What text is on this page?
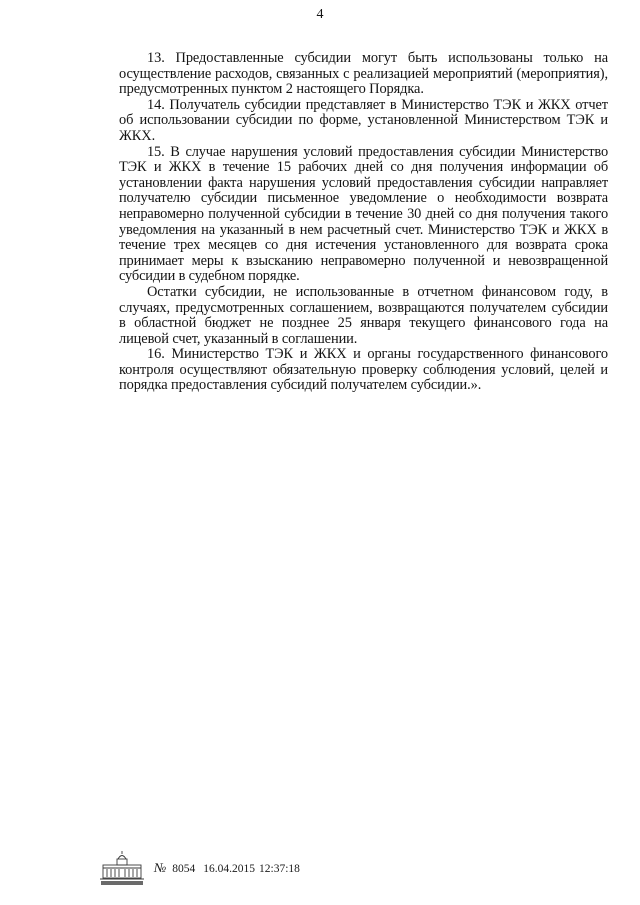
4

13. Предоставленные субсидии могут быть использованы только на осуществление расходов, связанных с реализацией мероприятий (мероприятия), предусмотренных пунктом 2 настоящего Порядка.

14. Получатель субсидии представляет в Министерство ТЭК и ЖКХ отчет об использовании субсидии по форме, установленной Министерством ТЭК и ЖКХ.

15. В случае нарушения условий предоставления субсидии Министерство ТЭК и ЖКХ в течение 15 рабочих дней со дня получения информации об установлении факта нарушения условий предоставления субсидии направляет получателю субсидии письменное уведомление о необходимости возврата неправомерно полученной субсидии в течение 30 дней со дня получения такого уведомления на указанный в нем расчетный счет. Министерство ТЭК и ЖКХ в течение трех месяцев со дня истечения установленного для возврата срока принимает меры к взысканию неправомерно полученной и невозвращенной субсидии в судебном порядке.

Остатки субсидии, не использованные в отчетном финансовом году, в случаях, предусмотренных соглашением, возвращаются получателем субсидии в областной бюджет не позднее 25 января текущего финансового года на лицевой счет, указанный в соглашении.

16. Министерство ТЭК и ЖКХ и органы государственного финансового контроля осуществляют обязательную проверку соблюдения условий, целей и порядка предоставления субсидий получателем субсидии.».

№ 8054 16.04.2015 12:37:18
